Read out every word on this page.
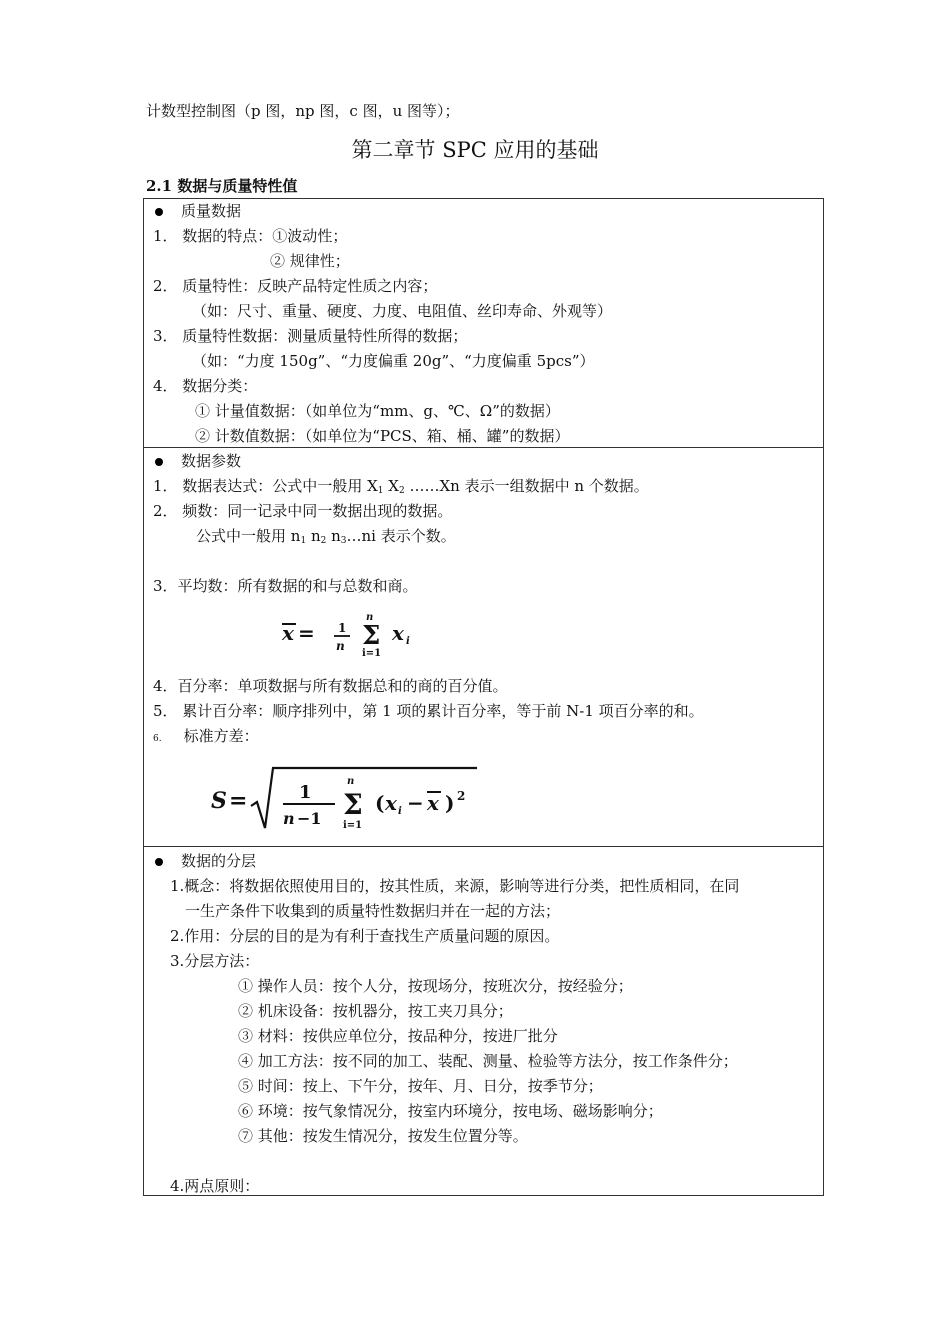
计数型控制图（p 图，np 图，c 图，u 图等）；
第二章节 SPC 应用的基础
2.1 数据与质量特性值
质量数据
1． 数据的特点：①波动性；
② 规律性；
2． 质量特性：反映产品特定性质之内容；
（如：尺寸、重量、硬度、力度、电阻值、丝印寿命、外观等）
3． 质量特性数据：测量质量特性所得的数据；
（如：“力度 150g”、“力度偏重 20g”、“力度偏重 5pcs”）
4． 数据分类：
① 计量值数据：（如单位为“mm、g、℃、Ω”的数据）
② 计数值数据：（如单位为“PCS、箱、桶、罐”的数据）
数据参数
1． 数据表达式：公式中一般用 $X_1$ $X_2$ ……Xn 表示一组数据中 n 个数据。
2． 频数：同一记录中同一数据出现的数据。
公式中一般用 $n_1$ $n_2$ $n_3\dots ni$ 表示个数。
3．平均数：所有数据的和与总数和商。
x = 1
n
n
Σ
i=1
x i
4．百分率：单项数据与所有数据总和的商的百分值。
5． 累计百分率：顺序排列中，第 1 项的累计百分率，等于前 N-1 项百分率的和。
6. 标准方差：
S =	1
n −1
n
Σ
i=1
( x i − x ) 2
数据的分层
1.概念：将数据依照使用目的，按其性质，来源，影响等进行分类，把性质相同，在同
一生产条件下收集到的质量特性数据归并在一起的方法；
2.作用：分层的目的是为有利于查找生产质量问题的原因。
3.分层方法：
① 操作人员：按个人分，按现场分，按班次分，按经验分；
② 机床设备：按机器分，按工夹刀具分；
③ 材料：按供应单位分，按品种分，按进厂批分
④ 加工方法：按不同的加工、装配、测量、检验等方法分，按工作条件分；
⑤ 时间：按上、下午分，按年、月、日分，按季节分；
⑥ 环境：按气象情况分，按室内环境分，按电场、磁场影响分；
⑦ 其他：按发生情况分，按发生位置分等。
4.两点原则：
